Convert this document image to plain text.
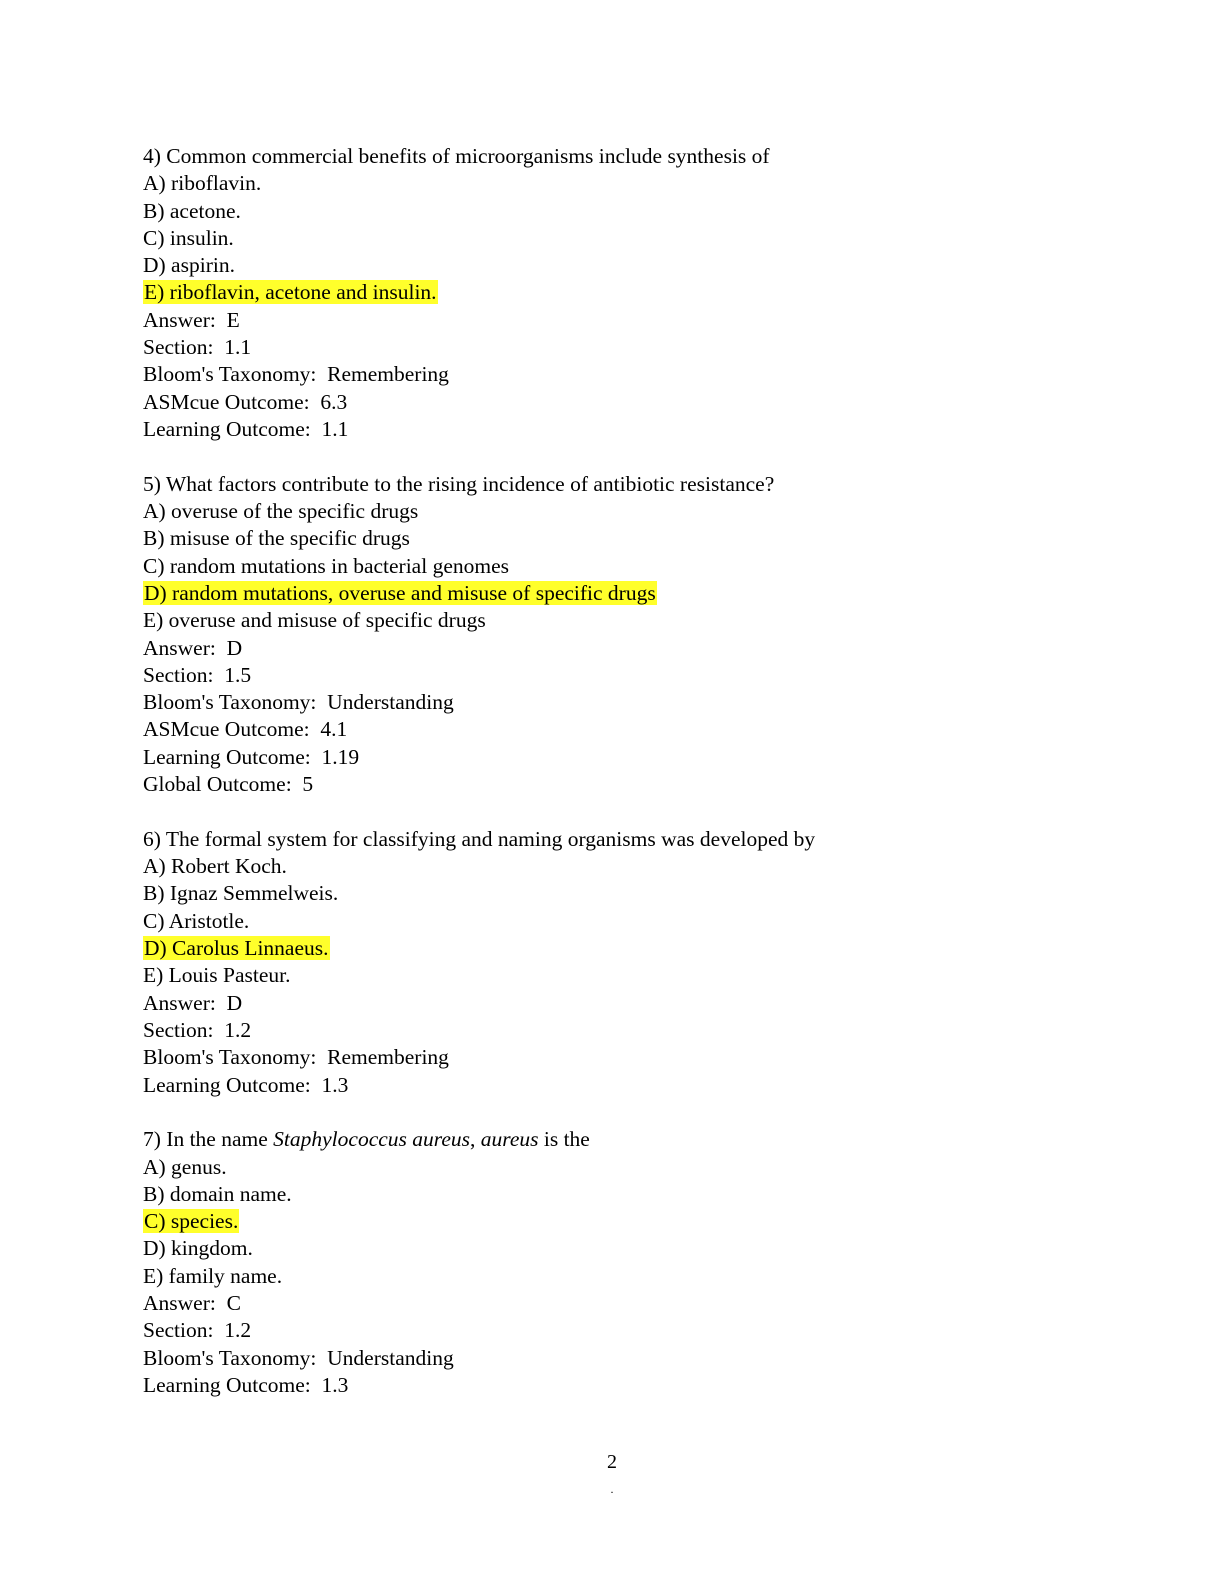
4) Common commercial benefits of microorganisms include synthesis of
A) riboflavin.
B) acetone.
C) insulin.
D) aspirin.
E) riboflavin, acetone and insulin.
Answer:  E
Section:  1.1
Bloom's Taxonomy:  Remembering
ASMcue Outcome:  6.3
Learning Outcome:  1.1
5) What factors contribute to the rising incidence of antibiotic resistance?
A) overuse of the specific drugs
B) misuse of the specific drugs
C) random mutations in bacterial genomes
D) random mutations, overuse and misuse of specific drugs
E) overuse and misuse of specific drugs
Answer:  D
Section:  1.5
Bloom's Taxonomy:  Understanding
ASMcue Outcome:  4.1
Learning Outcome:  1.19
Global Outcome:  5
6) The formal system for classifying and naming organisms was developed by
A) Robert Koch.
B) Ignaz Semmelweis.
C) Aristotle.
D) Carolus Linnaeus.
E) Louis Pasteur.
Answer:  D
Section:  1.2
Bloom's Taxonomy:  Remembering
Learning Outcome:  1.3
7) In the name Staphylococcus aureus, aureus is the
A) genus.
B) domain name.
C) species.
D) kingdom.
E) family name.
Answer:  C
Section:  1.2
Bloom's Taxonomy:  Understanding
Learning Outcome:  1.3
2
.
